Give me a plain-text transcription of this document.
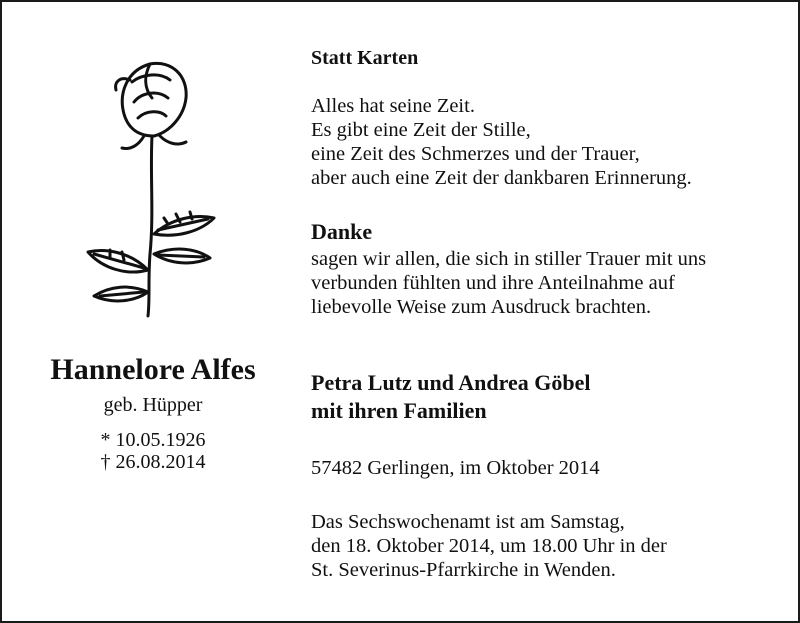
Hannelore Alfes
geb. Hüpper
* 10.05.1926
† 26.08.2014
Statt Karten
Alles hat seine Zeit.
Es gibt eine Zeit der Stille,
eine Zeit des Schmerzes und der Trauer,
aber auch eine Zeit der dankbaren Erinnerung.
Danke
sagen wir allen, die sich in stiller Trauer mit uns
verbunden fühlten und ihre Anteilnahme auf
liebevolle Weise zum Ausdruck brachten.
Petra Lutz und Andrea Göbel
mit ihren Familien
57482 Gerlingen, im Oktober 2014
Das Sechswochenamt ist am Samstag,
den 18. Oktober 2014, um 18.00 Uhr in der
St. Severinus-Pfarrkirche in Wenden.
